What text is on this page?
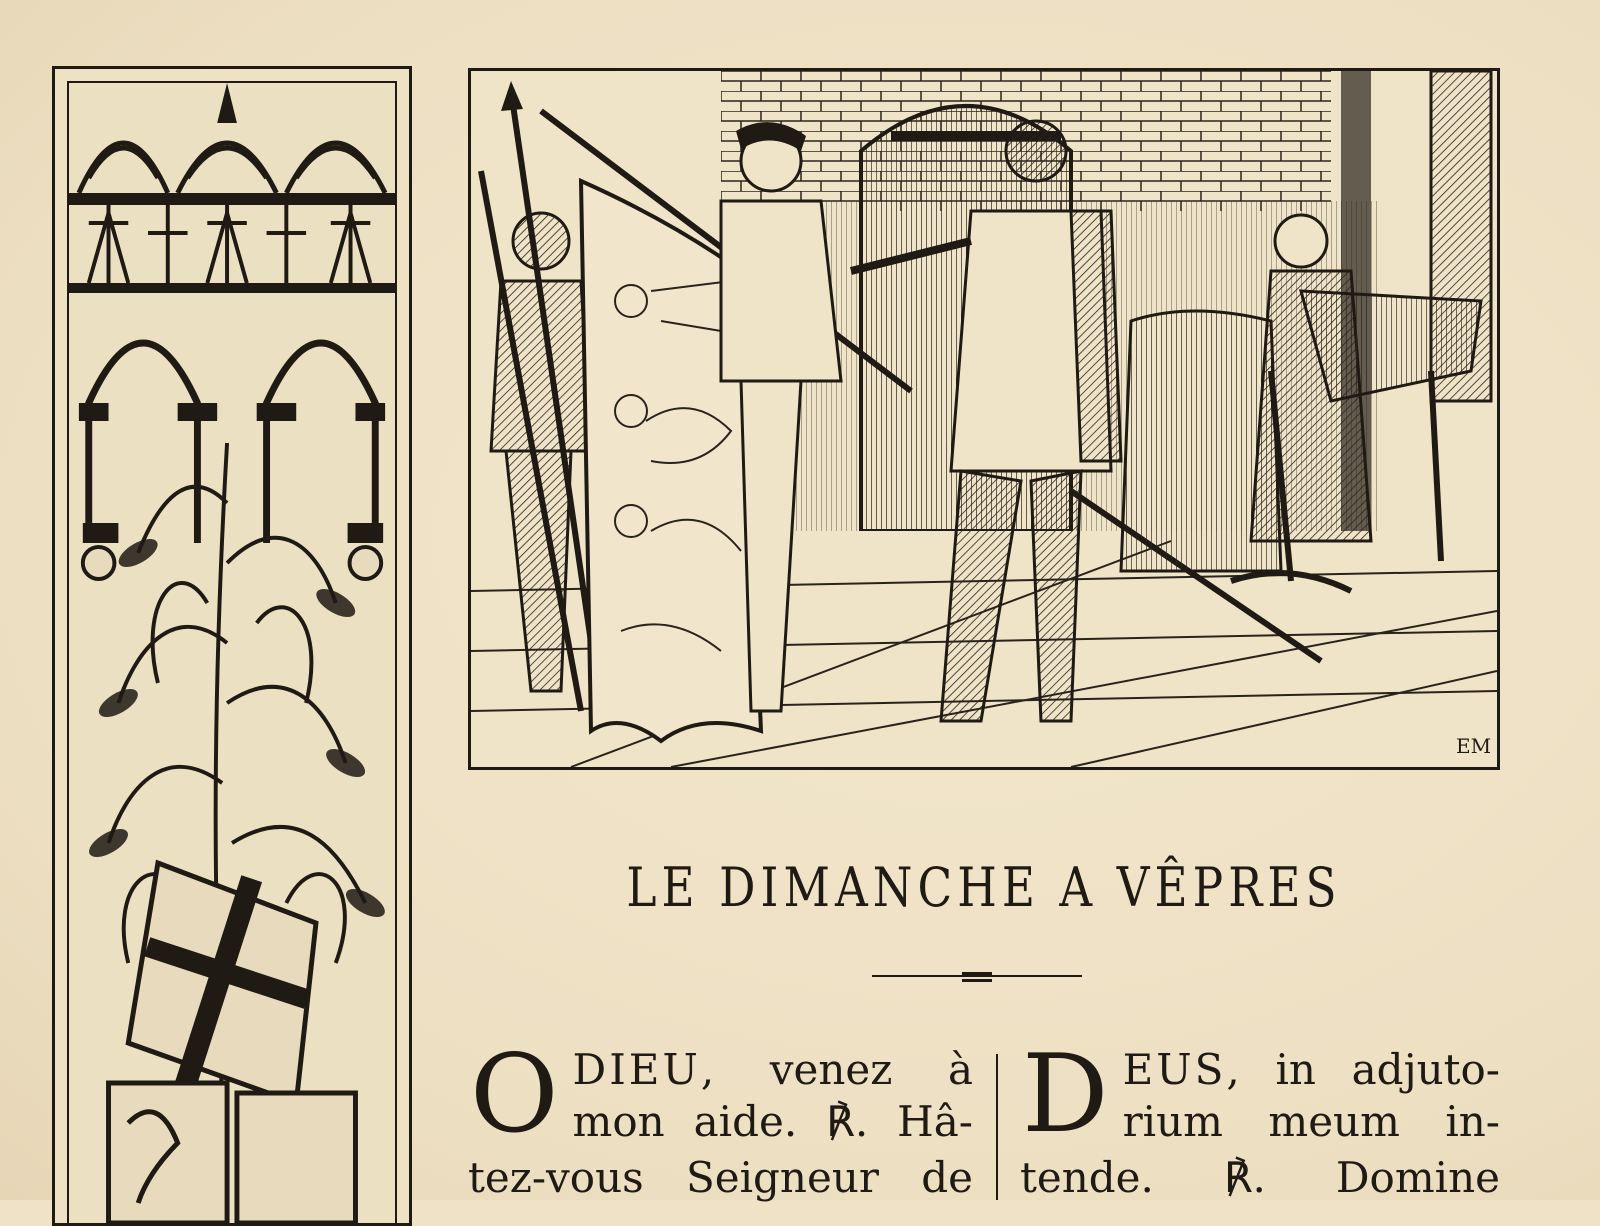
EM
LE DIMANCHE A VÊPRES
O DIEU, venez à
mon aide. ℟. Hâ-
tez-vous Seigneur de
D EUS, in adjuto-
rium meum in-
tende. ℟. Domine
